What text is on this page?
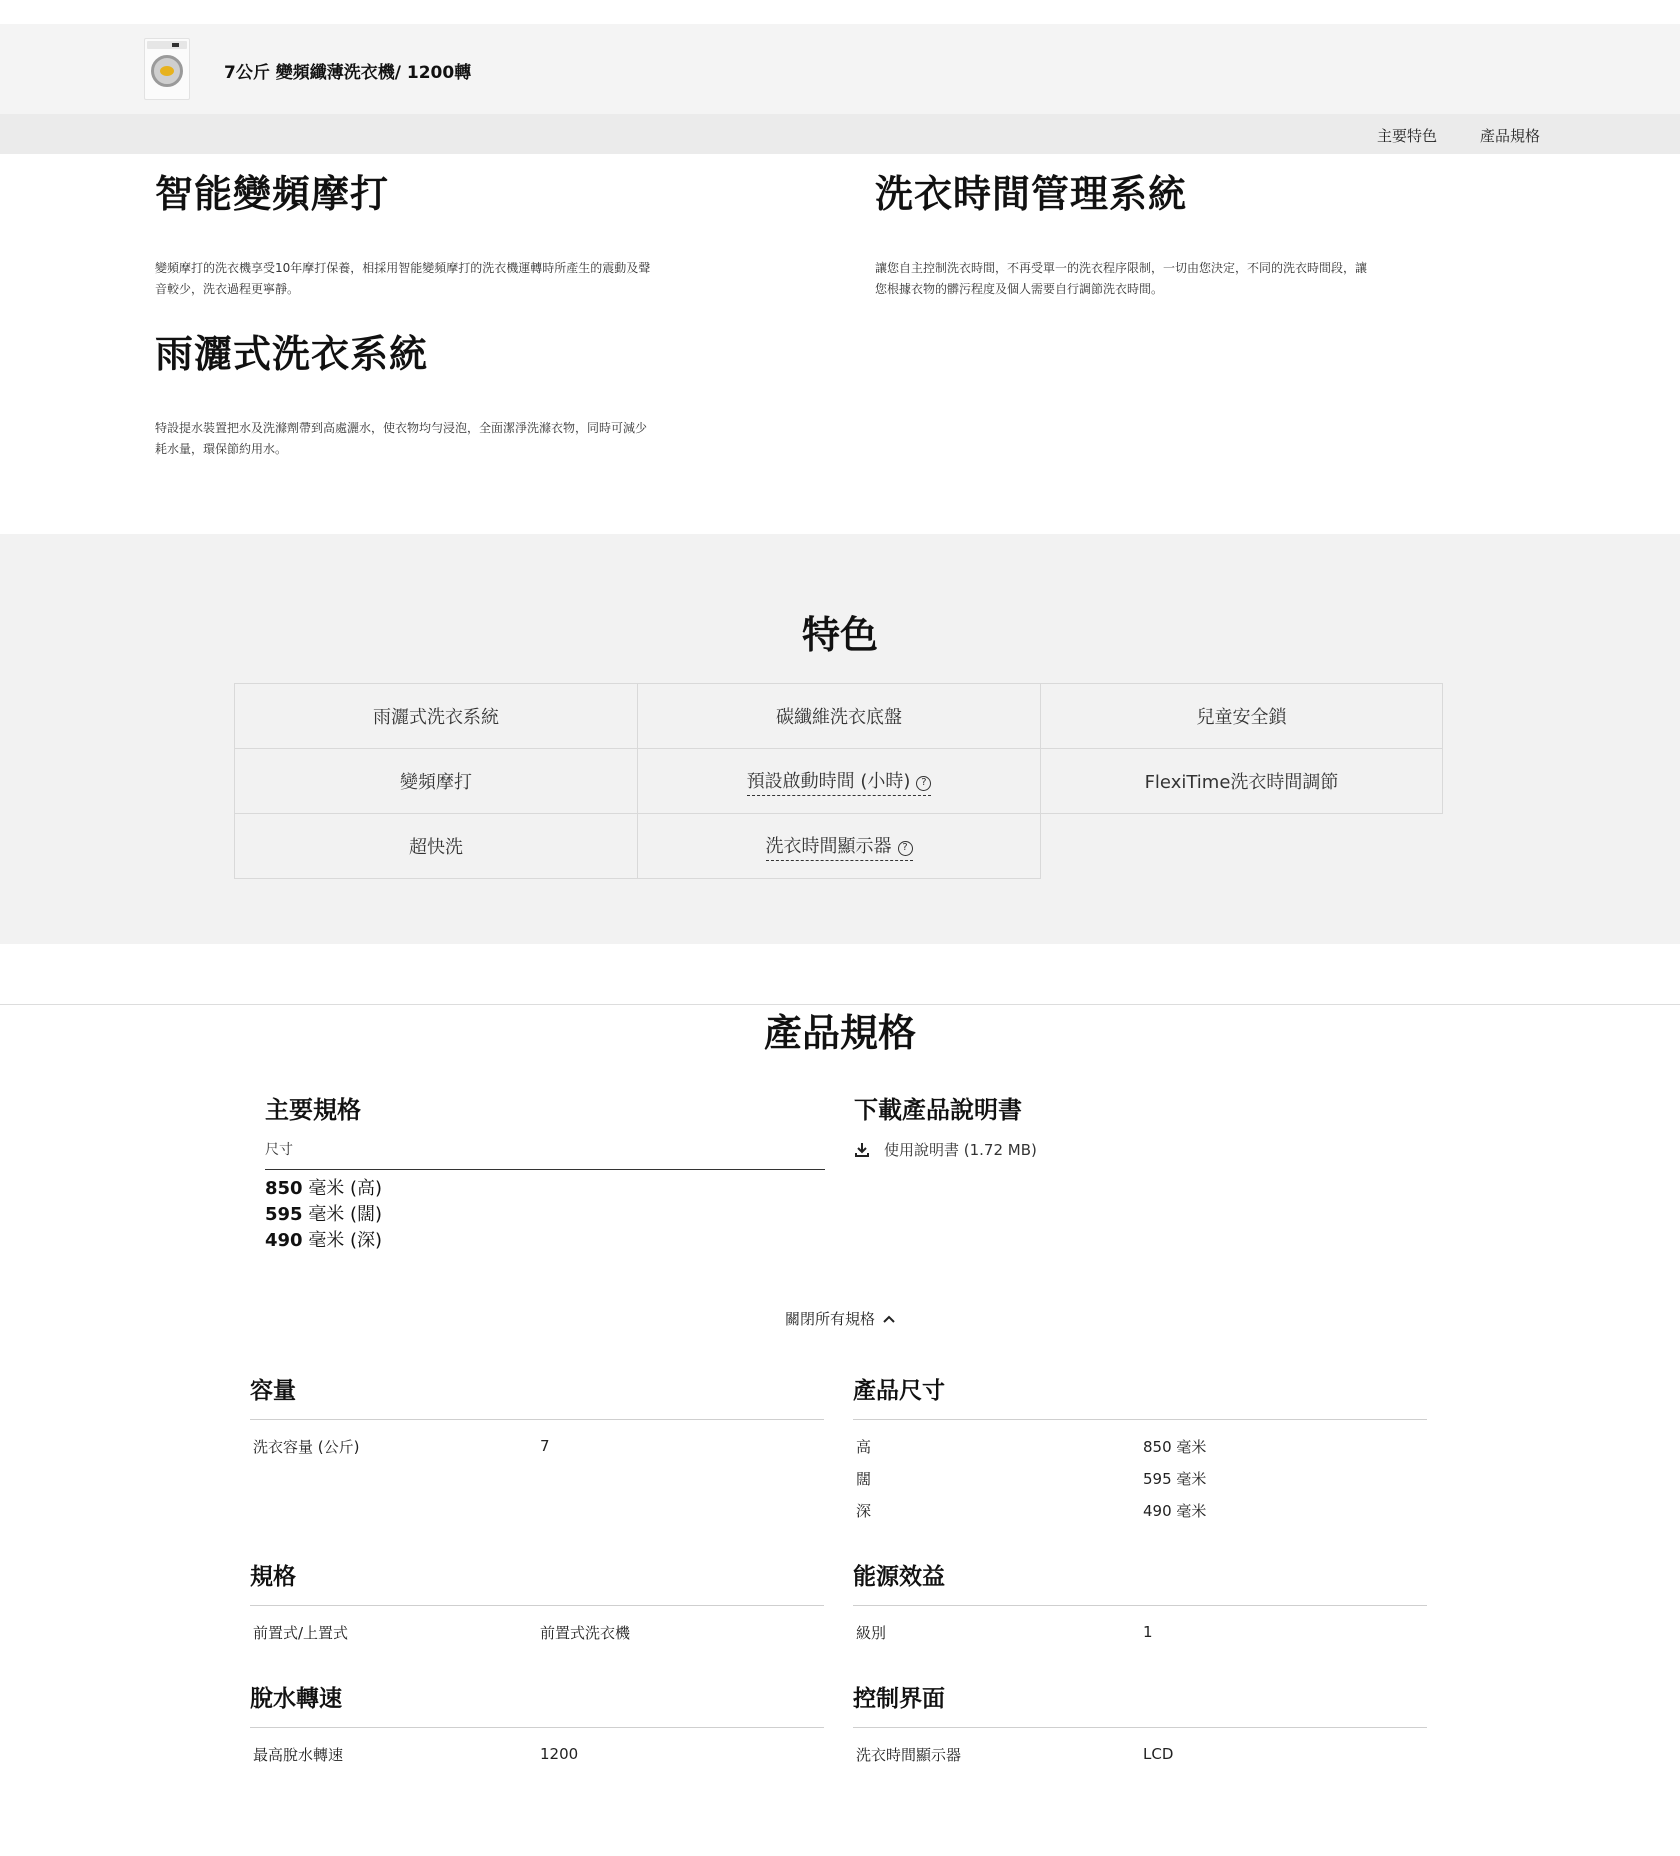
7公斤 變頻纖薄洗衣機/ 1200轉
主要特色	產品規格
智能變頻摩打

變頻摩打的洗衣機享受10年摩打保養，相採用智能變頻摩打的洗衣機運轉時所產生的震動及聲音較少，洗衣過程更寧靜。

洗衣時間管理系統

讓您自主控制洗衣時間，不再受單一的洗衣程序限制，一切由您決定，不同的洗衣時間段，讓您根據衣物的髒污程度及個人需要自行調節洗衣時間。

雨灑式洗衣系統

特設提水裝置把水及洗滌劑帶到高處灑水，使衣物均勻浸泡，全面潔淨洗滌衣物，同時可減少耗水量，環保節約用水。

特色
雨灑式洗衣系統	碳纖維洗衣底盤	兒童安全鎖
變頻摩打	預設啟動時間 (小時) ?	FlexiTime洗衣時間調節
超快洗	洗衣時間顯示器 ?
產品規格
主要規格
尺寸
850 毫米 (高)
595 毫米 (闊)
490 毫米 (深)
下載產品說明書
使用說明書 (1.72 MB)
關閉所有規格
容量
洗衣容量 (公斤)	7
產品尺寸
高	850 毫米
闊	595 毫米
深	490 毫米
規格
前置式/上置式	前置式洗衣機
能源效益
級別	1
脫水轉速
最高脫水轉速	1200
控制界面
洗衣時間顯示器	LCD
